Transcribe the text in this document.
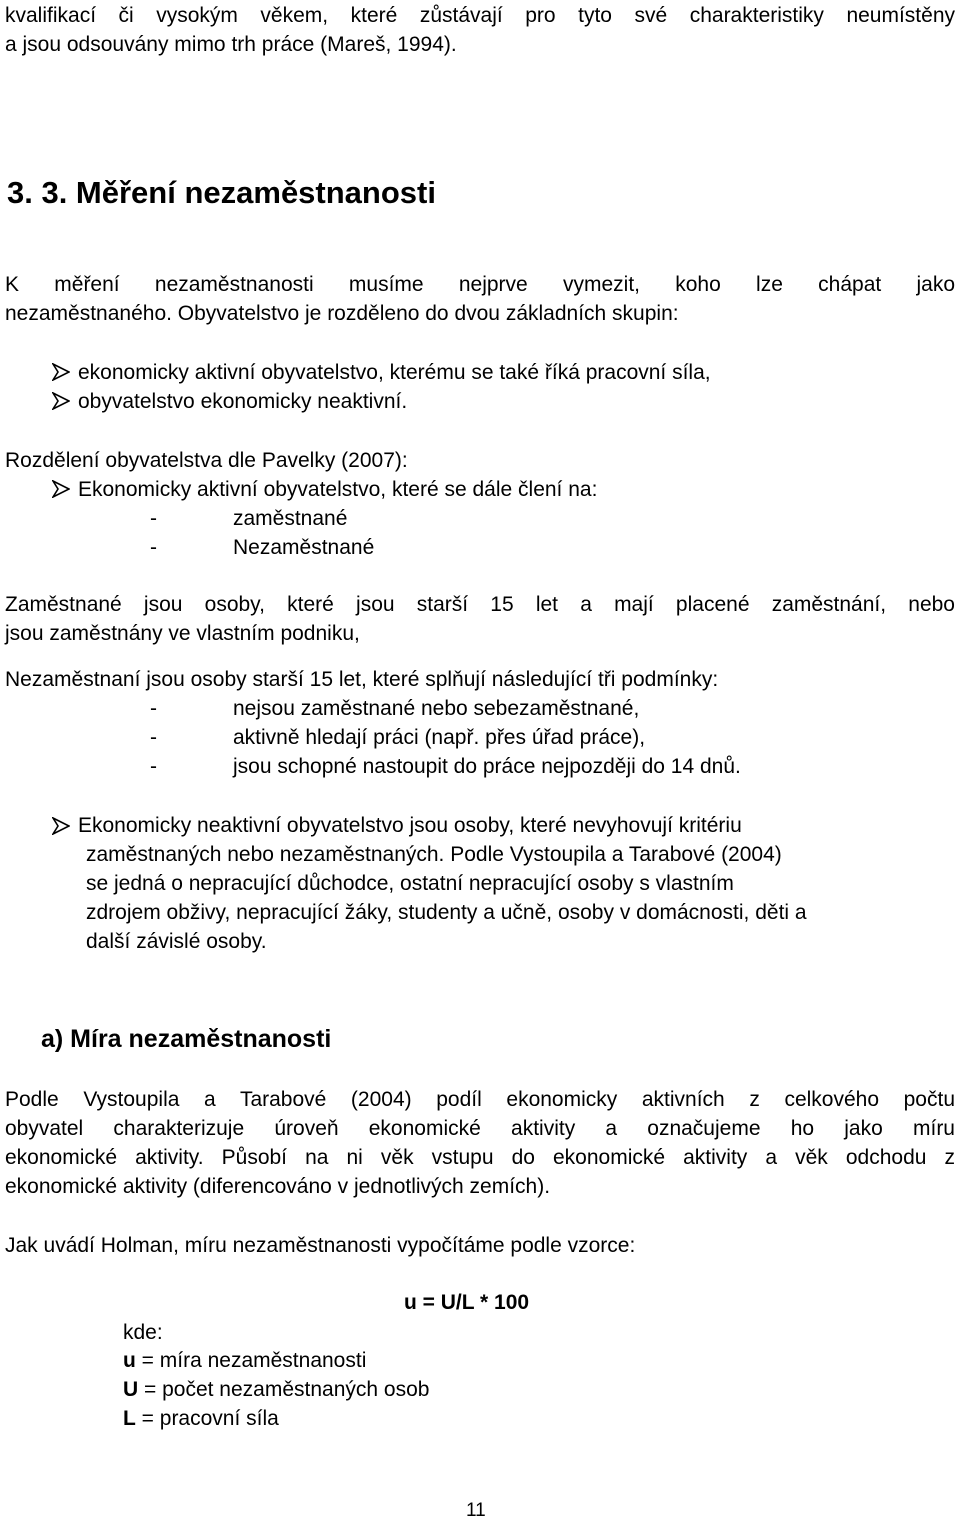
kvalifikací či vysokým věkem, které zůstávají pro tyto své charakteristiky neumístěny
a jsou odsouvány mimo trh práce (Mareš, 1994).
3. 3. Měření nezaměstnanosti
K měření nezaměstnanosti musíme nejprve vymezit, koho lze chápat jako
nezaměstnaného. Obyvatelstvo je rozděleno do dvou základních skupin:
ekonomicky aktivní obyvatelstvo, kterému se také říká pracovní síla,
obyvatelstvo ekonomicky neaktivní.
Rozdělení obyvatelstva dle Pavelky (2007):
Ekonomicky aktivní obyvatelstvo, které se dále člení na:
-	zaměstnané
-	Nezaměstnané
Zaměstnané jsou osoby, které jsou starší 15 let a mají placené zaměstnání, nebo
jsou zaměstnány ve vlastním podniku,
Nezaměstnaní jsou osoby starší 15 let, které splňují následující tři podmínky:
-	nejsou zaměstnané nebo sebezaměstnané,
-	aktivně hledají práci (např. přes úřad práce),
-	jsou schopné nastoupit do práce nejpozději do 14 dnů.
Ekonomicky neaktivní obyvatelstvo jsou osoby, které nevyhovují kritériu
zaměstnaných nebo nezaměstnaných. Podle Vystoupila a Tarabové (2004)
se jedná o nepracující důchodce, ostatní nepracující osoby s vlastním
zdrojem obživy, nepracující žáky, studenty a učně, osoby v domácnosti, děti a
další závislé osoby.
a) Míra nezaměstnanosti
Podle Vystoupila a Tarabové (2004) podíl ekonomicky aktivních z celkového počtu
obyvatel charakterizuje úroveň ekonomické aktivity a označujeme ho jako míru
ekonomické aktivity. Působí na ni věk vstupu do ekonomické aktivity a věk odchodu z
ekonomické aktivity (diferencováno v jednotlivých zemích).
Jak uvádí Holman, míru nezaměstnanosti vypočítáme podle vzorce:
u = U/L * 100
kde:
u = míra nezaměstnanosti
U = počet nezaměstnaných osob
L = pracovní síla
11
